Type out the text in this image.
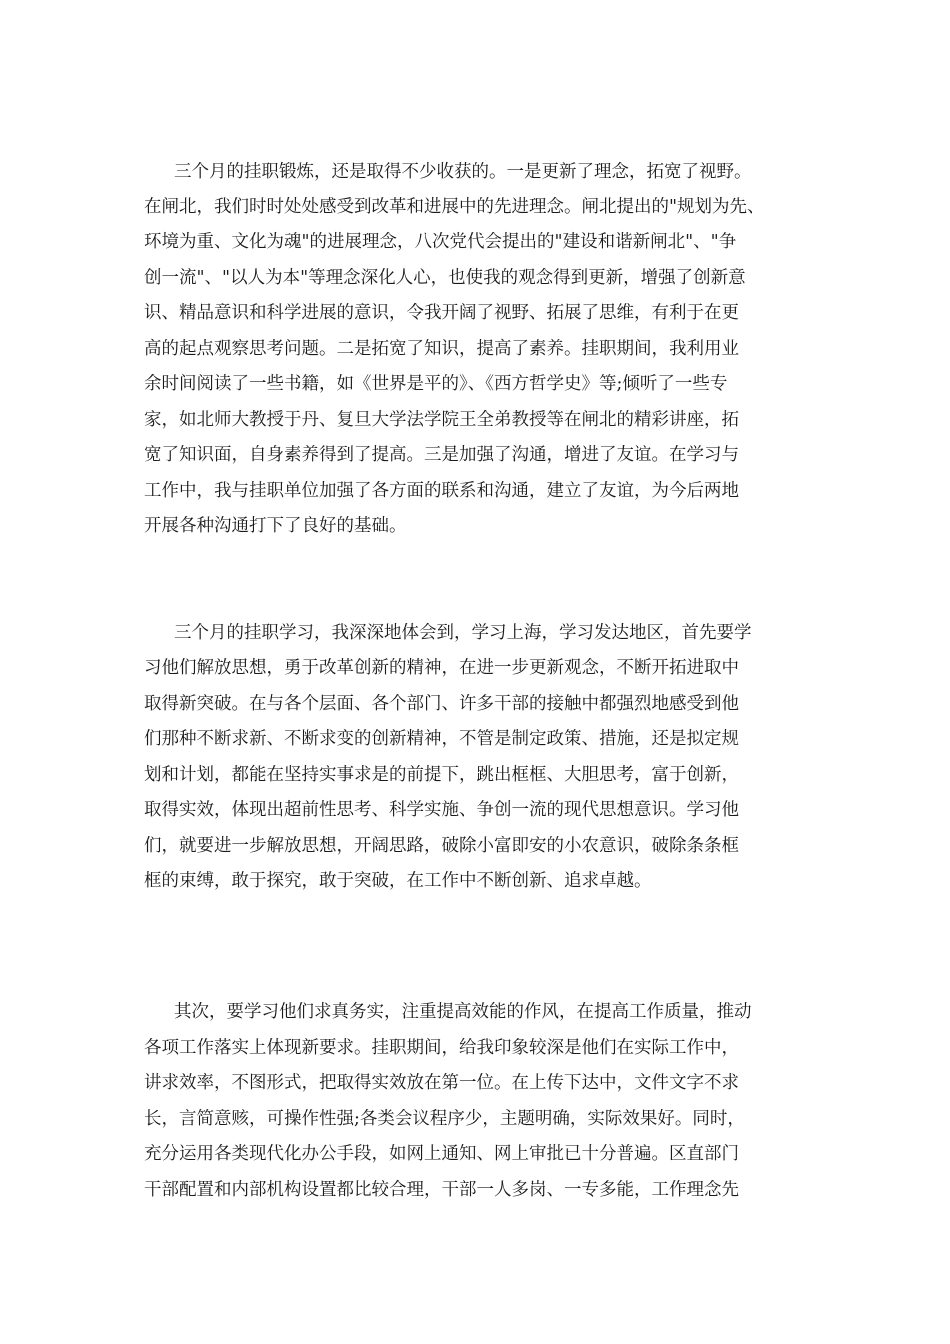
三个月的挂职锻炼，还是取得不少收获的。一是更新了理念，拓宽了视野。
在闸北，我们时时处处感受到改革和进展中的先进理念。闸北提出的"规划为先、
环境为重、文化为魂"的进展理念，八次党代会提出的"建设和谐新闸北"、"争
创一流"、"以人为本"等理念深化人心，也使我的观念得到更新，增强了创新意
识、精品意识和科学进展的意识，令我开阔了视野、拓展了思维，有利于在更
高的起点观察思考问题。二是拓宽了知识，提高了素养。挂职期间，我利用业
余时间阅读了一些书籍，如《世界是平的》、《西方哲学史》等;倾听了一些专
家，如北师大教授于丹、复旦大学法学院王全弟教授等在闸北的精彩讲座，拓
宽了知识面，自身素养得到了提高。三是加强了沟通，增进了友谊。在学习与
工作中，我与挂职单位加强了各方面的联系和沟通，建立了友谊，为今后两地
开展各种沟通打下了良好的基础。
三个月的挂职学习，我深深地体会到，学习上海，学习发达地区，首先要学
习他们解放思想，勇于改革创新的精神，在进一步更新观念，不断开拓进取中
取得新突破。在与各个层面、各个部门、许多干部的接触中都强烈地感受到他
们那种不断求新、不断求变的创新精神，不管是制定政策、措施，还是拟定规
划和计划，都能在坚持实事求是的前提下，跳出框框、大胆思考，富于创新，
取得实效，体现出超前性思考、科学实施、争创一流的现代思想意识。学习他
们，就要进一步解放思想，开阔思路，破除小富即安的小农意识，破除条条框
框的束缚，敢于探究，敢于突破，在工作中不断创新、追求卓越。
其次，要学习他们求真务实，注重提高效能的作风，在提高工作质量，推动
各项工作落实上体现新要求。挂职期间，给我印象较深是他们在实际工作中，
讲求效率，不图形式，把取得实效放在第一位。在上传下达中，文件文字不求
长，言简意赅，可操作性强;各类会议程序少，主题明确，实际效果好。同时，
充分运用各类现代化办公手段，如网上通知、网上审批已十分普遍。区直部门
干部配置和内部机构设置都比较合理，干部一人多岗、一专多能，工作理念先
